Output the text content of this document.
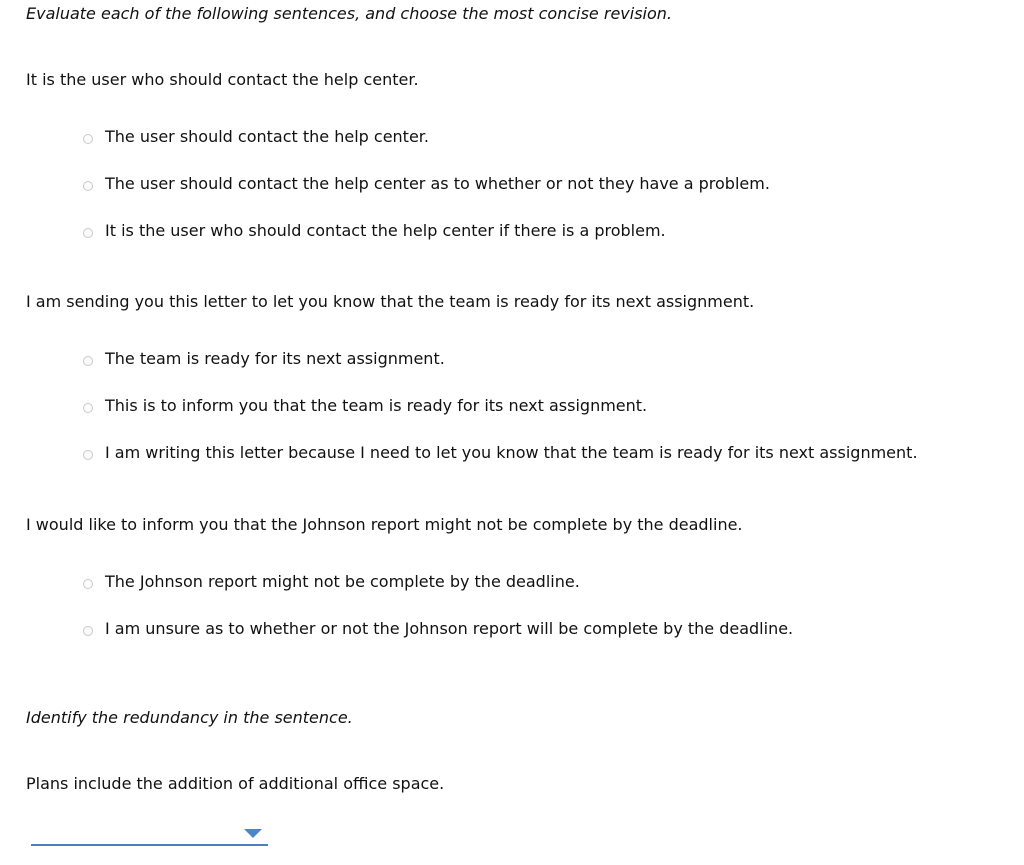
Evaluate each of the following sentences, and choose the most concise revision.
It is the user who should contact the help center.
The user should contact the help center.
The user should contact the help center as to whether or not they have a problem.
It is the user who should contact the help center if there is a problem.
I am sending you this letter to let you know that the team is ready for its next assignment.
The team is ready for its next assignment.
This is to inform you that the team is ready for its next assignment.
I am writing this letter because I need to let you know that the team is ready for its next assignment.
I would like to inform you that the Johnson report might not be complete by the deadline.
The Johnson report might not be complete by the deadline.
I am unsure as to whether or not the Johnson report will be complete by the deadline.
Identify the redundancy in the sentence.
Plans include the addition of additional office space.
